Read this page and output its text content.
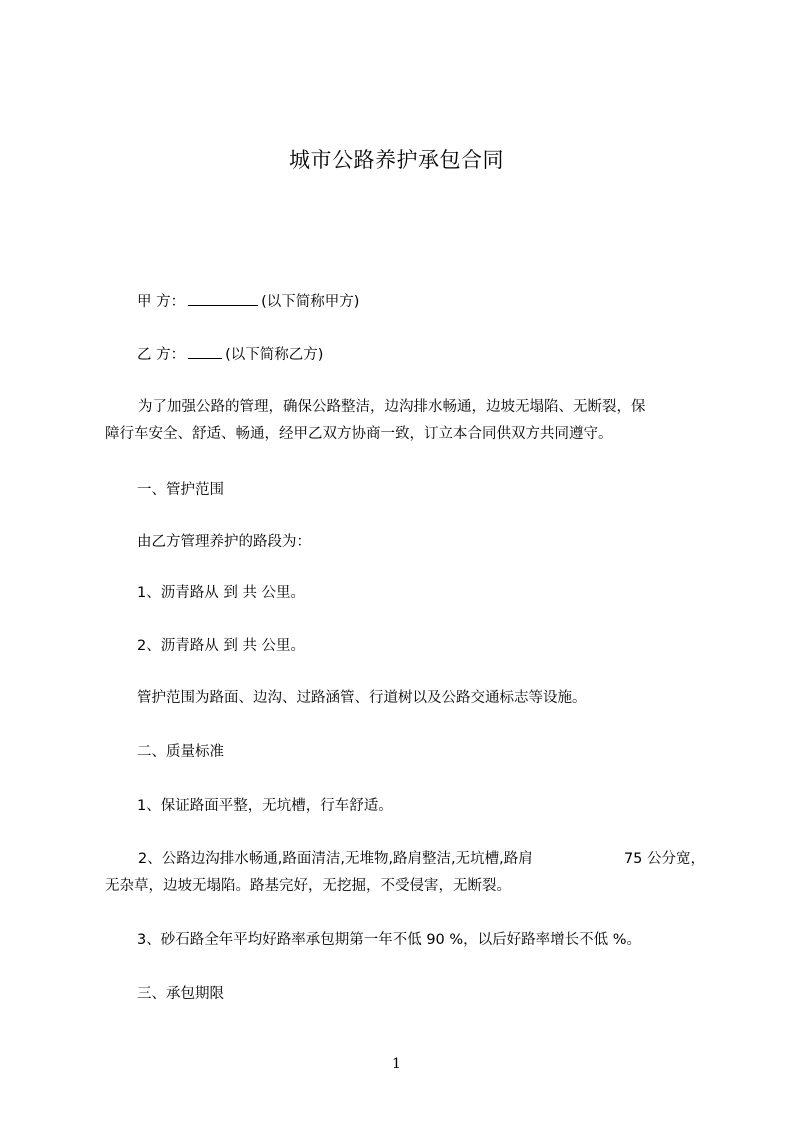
城市公路养护承包合同
甲 方：	(以下简称甲方)
乙 方：	(以下简称乙方)
为了加强公路的管理，确保公路整洁，边沟排水畅通，边坡无塌陷、无断裂，保
障行车安全、舒适、畅通，经甲乙双方协商一致，订立本合同供双方共同遵守。
一、管护范围
由乙方管理养护的路段为：
1、沥青路从 到 共 公里。
2、沥青路从 到 共 公里。
管护范围为路面、边沟、过路涵管、行道树以及公路交通标志等设施。
二、质量标准
1、保证路面平整，无坑槽，行车舒适。
2、公路边沟排水畅通,路面清洁,无堆物,路肩整洁,无坑槽,路肩	75 公分宽，
无杂草，边坡无塌陷。路基完好，无挖掘，不受侵害，无断裂。
3、砂石路全年平均好路率承包期第一年不低 90 %，以后好路率增长不低 %。
三、承包期限
1
